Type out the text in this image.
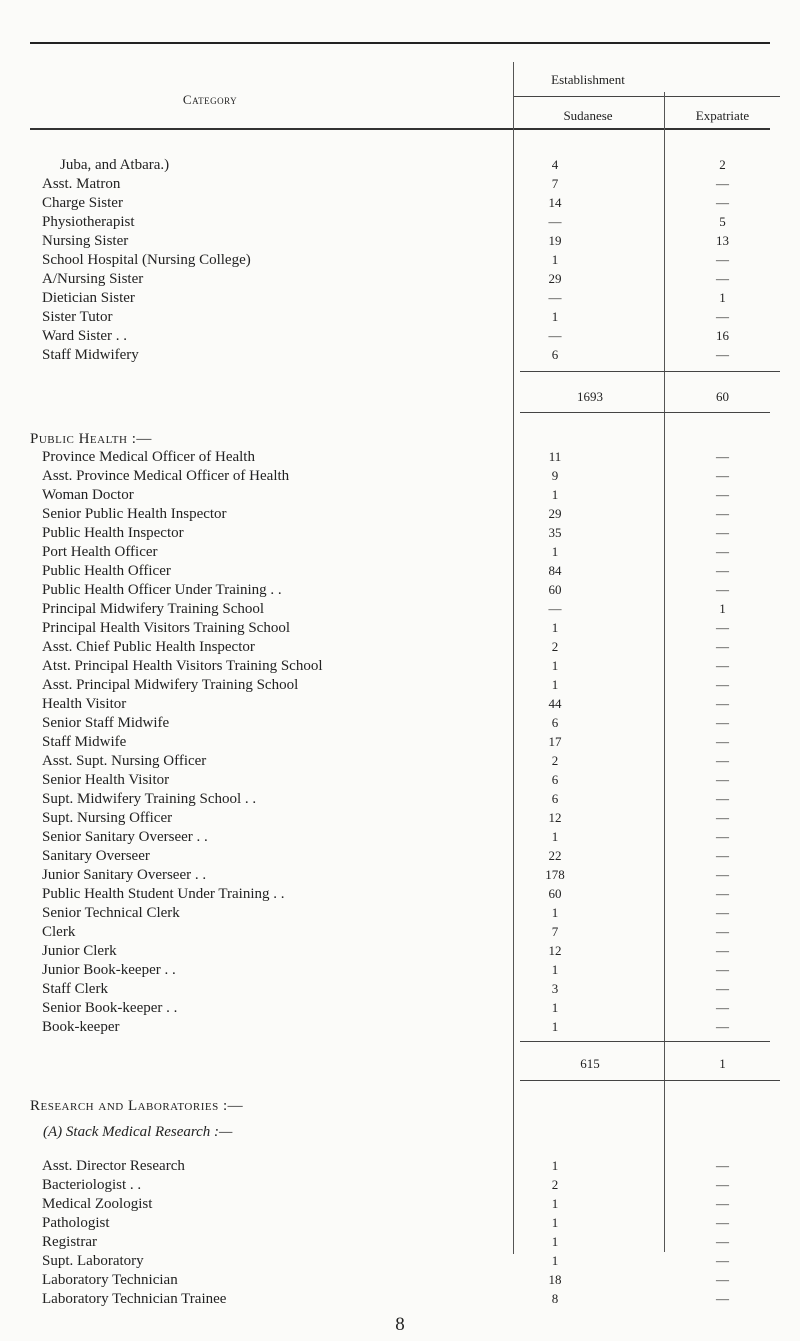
Category
Establishment
Sudanese	Expatriate
Juba, and Atbara.)	4	2
Asst. Matron	7	—
Charge Sister	14	—
Physiotherapist	—	5
Nursing Sister	19	13
School Hospital (Nursing College)	1	—
A/Nursing Sister	29	—
Dietician Sister	—	1
Sister Tutor	1	—
Ward Sister . .	—	16
Staff Midwifery	6	—
1693	60
Public Health :—
Province Medical Officer of Health	11	—
Asst. Province Medical Officer of Health	9	—
Woman Doctor	1	—
Senior Public Health Inspector	29	—
Public Health Inspector	35	—
Port Health Officer	1	—
Public Health Officer	84	—
Public Health Officer Under Training . .	60	—
Principal Midwifery Training School	—	1
Principal Health Visitors Training School	1	—
Asst. Chief Public Health Inspector	2	—
Atst. Principal Health Visitors Training School	1	—
Asst. Principal Midwifery Training School	1	—
Health Visitor	44	—
Senior Staff Midwife	6	—
Staff Midwife	17	—
Asst. Supt. Nursing Officer	2	—
Senior Health Visitor	6	—
Supt. Midwifery Training School . .	6	—
Supt. Nursing Officer	12	—
Senior Sanitary Overseer . .	1	—
Sanitary Overseer	22	—
Junior Sanitary Overseer . .	178	—
Public Health Student Under Training . .	60	—
Senior Technical Clerk	1	—
Clerk	7	—
Junior Clerk	12	—
Junior Book-keeper . .	1	—
Staff Clerk	3	—
Senior Book-keeper . .	1	—
Book-keeper	1	—
615	1
Research and Laboratories :—
(A) Stack Medical Research :—
Asst. Director Research	1	—
Bacteriologist . .	2	—
Medical Zoologist	1	—
Pathologist	1	—
Registrar	1	—
Supt. Laboratory	1	—
Laboratory Technician	18	—
Laboratory Technician Trainee	8	—
8
